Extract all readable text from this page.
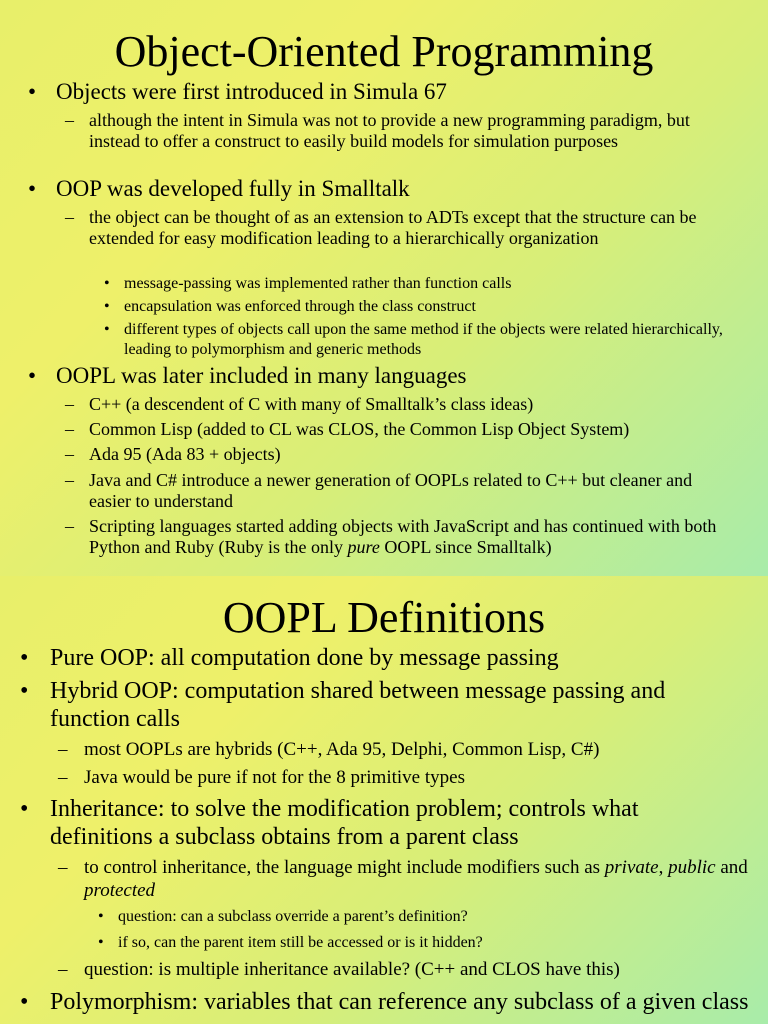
Object-Oriented Programming
• Objects were first introduced in Simula 67
– although the intent in Simula was not to provide a new programming paradigm, but instead to offer a construct to easily build models for simulation purposes
• OOP was developed fully in Smalltalk
– the object can be thought of as an extension to ADTs except that the structure can be extended for easy modification leading to a hierarchically organization
• message-passing was implemented rather than function calls
• encapsulation was enforced through the class construct
• different types of objects call upon the same method if the objects were related hierarchically, leading to polymorphism and generic methods
• OOPL was later included in many languages
– C++ (a descendent of C with many of Smalltalk’s class ideas)
– Common Lisp (added to CL was CLOS, the Common Lisp Object System)
– Ada 95 (Ada 83 + objects)
– Java and C# introduce a newer generation of OOPLs related to C++ but cleaner and easier to understand
– Scripting languages started adding objects with JavaScript and has continued with both Python and Ruby (Ruby is the only pure OOPL since Smalltalk)
OOPL Definitions
• Pure OOP: all computation done by message passing
• Hybrid OOP: computation shared between message passing and function calls
– most OOPLs are hybrids (C++, Ada 95, Delphi, Common Lisp, C#)
– Java would be pure if not for the 8 primitive types
• Inheritance: to solve the modification problem; controls what definitions a subclass obtains from a parent class
– to control inheritance, the language might include modifiers such as private, public and protected
• question: can a subclass override a parent’s definition?
• if so, can the parent item still be accessed or is it hidden?
– question: is multiple inheritance available? (C++ and CLOS have this)
• Polymorphism: variables that can reference any subclass of a given class
